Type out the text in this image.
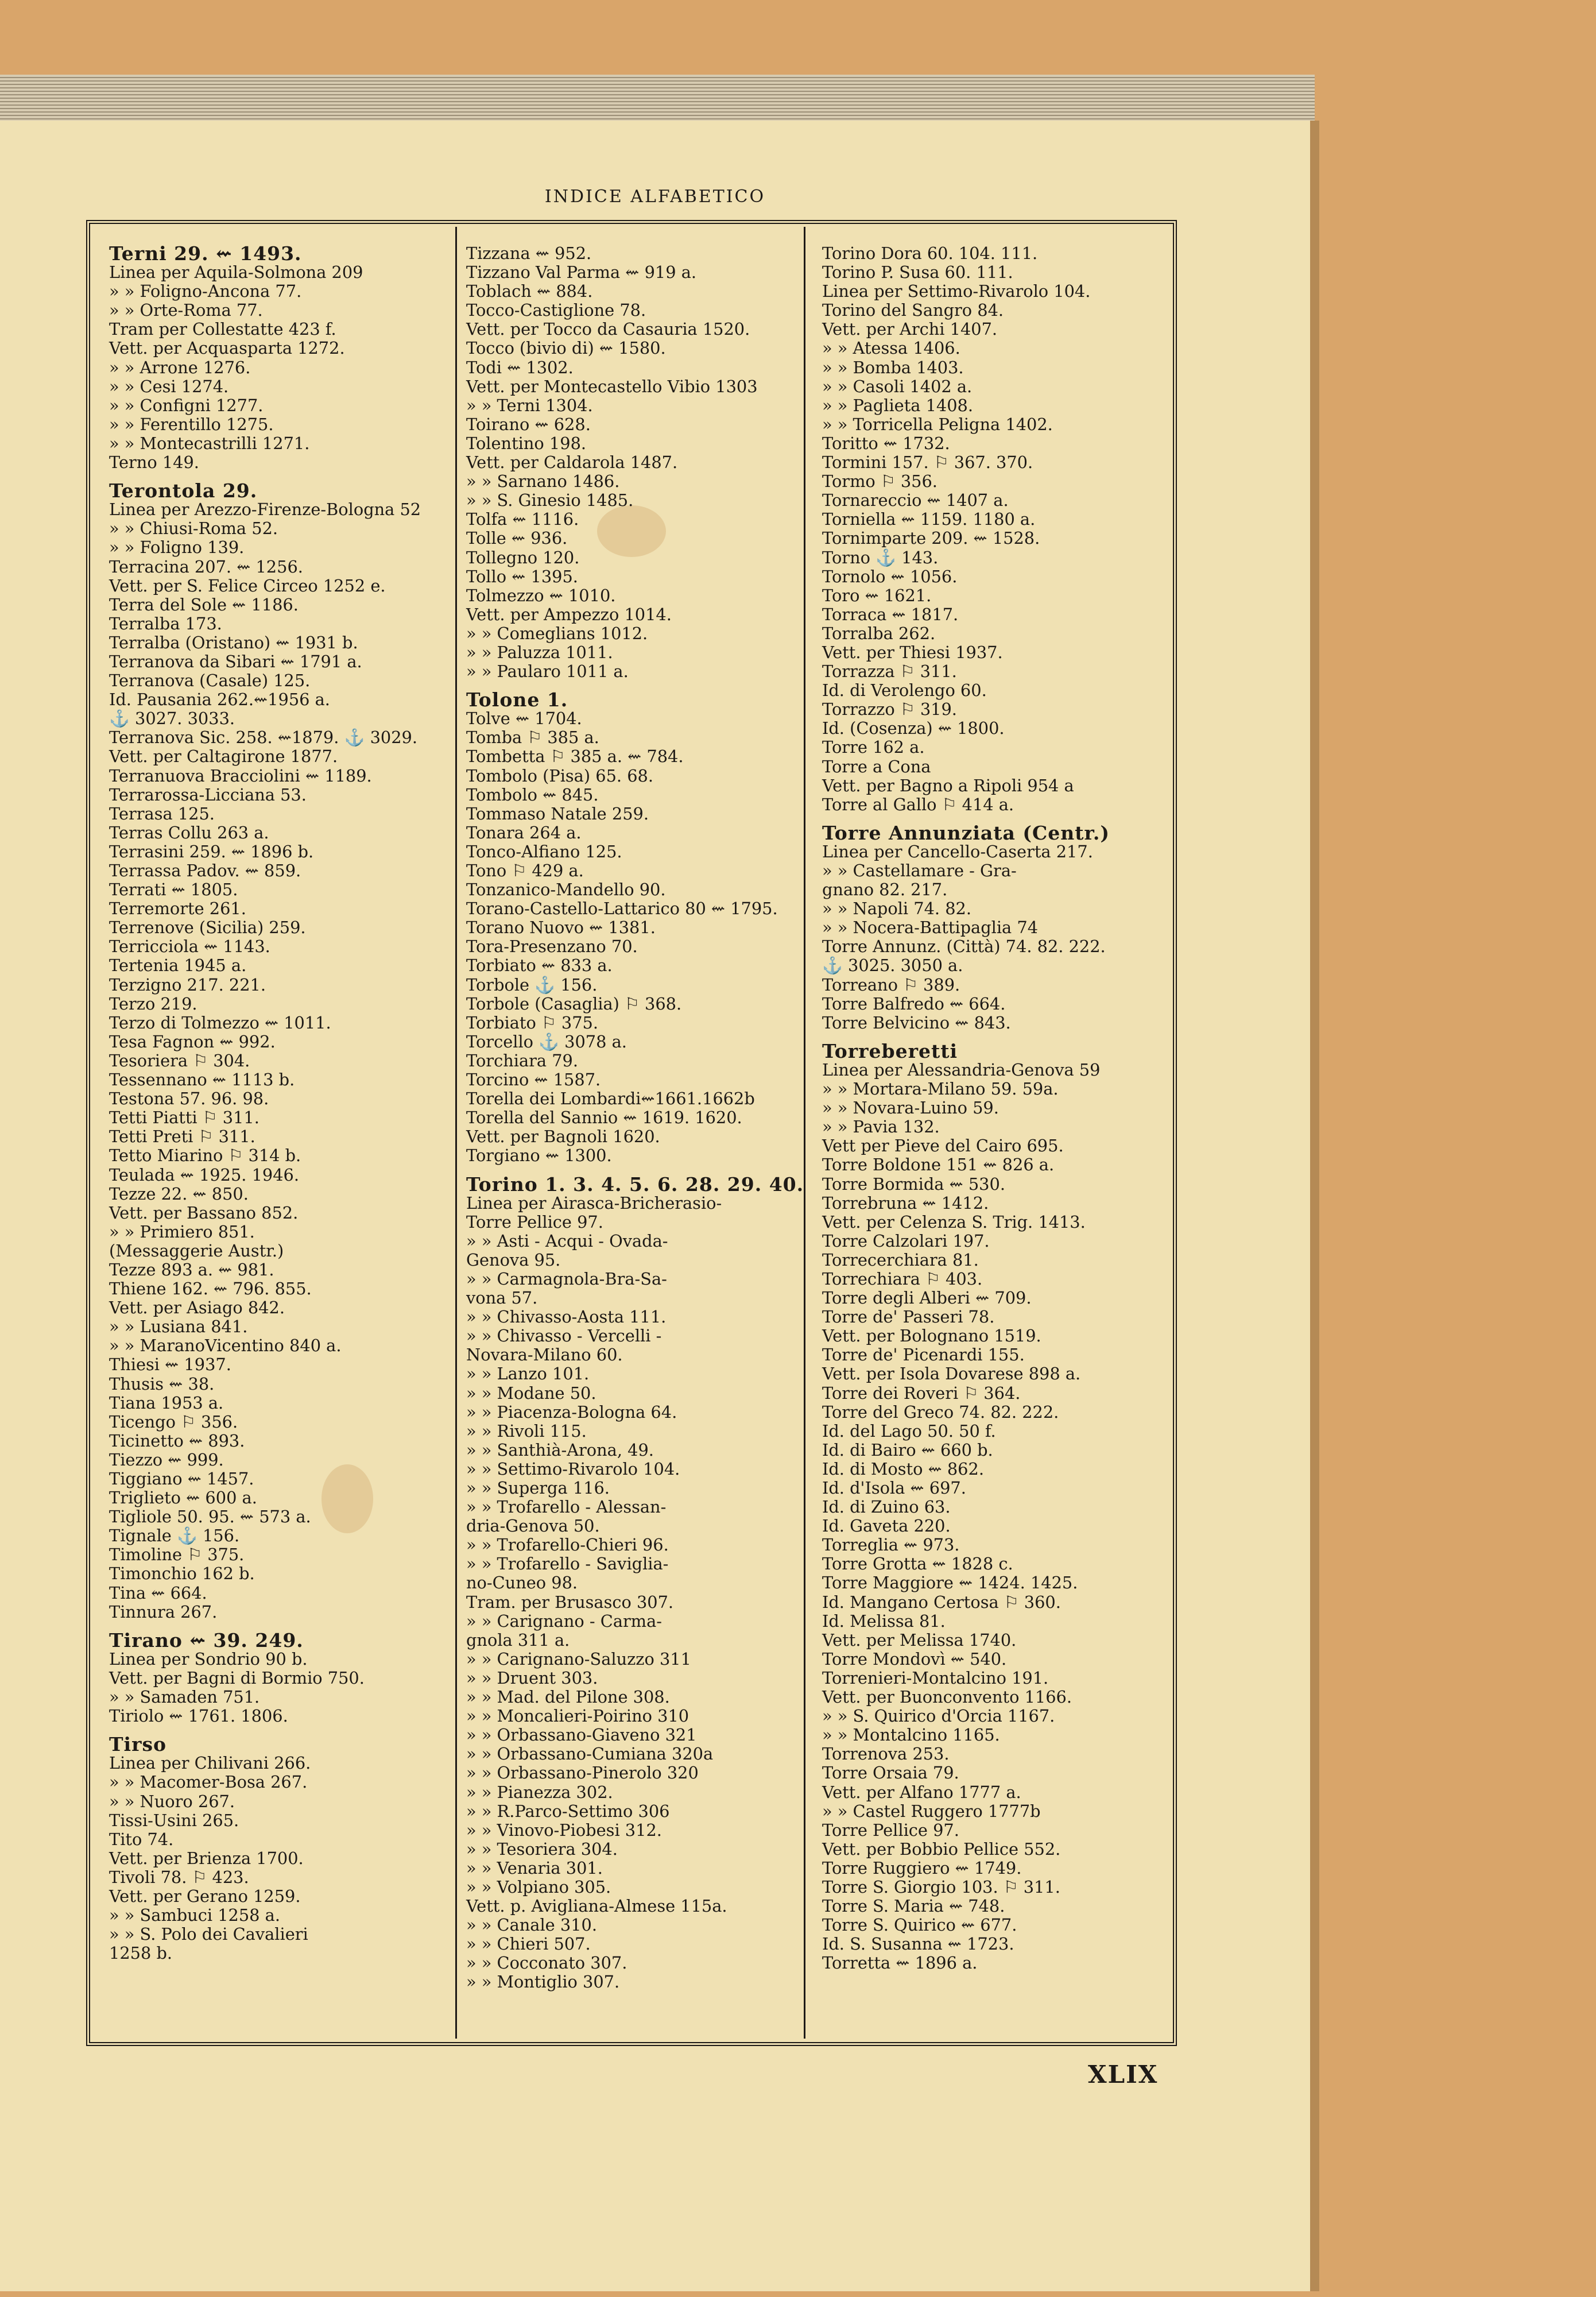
INDICE ALFABETICO
Terni 29. ⇜ 1493.
Linea per Aquila-Solmona 209
» » Foligno-Ancona 77.
» » Orte-Roma 77.
Tram per Collestatte 423 f.
Vett. per Acquasparta 1272.
» » Arrone 1276.
» » Cesi 1274.
» » Configni 1277.
» » Ferentillo 1275.
» » Montecastrilli 1271.
Terno 149.
Terontola 29.
Linea per Arezzo-Firenze-Bologna 52
» » Chiusi-Roma 52.
» » Foligno 139.
Terracina 207. ⇜ 1256.
Vett. per S. Felice Circeo 1252 e.
Terra del Sole ⇜ 1186.
Terralba 173.
Terralba (Oristano) ⇜ 1931 b.
Terranova da Sibari ⇜ 1791 a.
Terranova (Casale) 125.
Id. Pausania 262.⇜1956 a.
⚓ 3027. 3033.
Terranova Sic. 258. ⇜1879. ⚓ 3029.
Vett. per Caltagirone 1877.
Terranuova Bracciolini ⇜ 1189.
Terrarossa-Licciana 53.
Terrasa 125.
Terras Collu 263 a.
Terrasini 259. ⇜ 1896 b.
Terrassa Padov. ⇜ 859.
Terrati ⇜ 1805.
Terremorte 261.
Terrenove (Sicilia) 259.
Terricciola ⇜ 1143.
Tertenia 1945 a.
Terzigno 217. 221.
Terzo 219.
Terzo di Tolmezzo ⇜ 1011.
Tesa Fagnon ⇜ 992.
Tesoriera ⚐ 304.
Tessennano ⇜ 1113 b.
Testona 57. 96. 98.
Tetti Piatti ⚐ 311.
Tetti Preti ⚐ 311.
Tetto Miarino ⚐ 314 b.
Teulada ⇜ 1925. 1946.
Tezze 22. ⇜ 850.
Vett. per Bassano 852.
» » Primiero 851.
(Messaggerie Austr.)
Tezze 893 a. ⇜ 981.
Thiene 162. ⇜ 796. 855.
Vett. per Asiago 842.
» » Lusiana 841.
» » MaranoVicentino 840 a.
Thiesi ⇜ 1937.
Thusis ⇜ 38.
Tiana 1953 a.
Ticengo ⚐ 356.
Ticinetto ⇜ 893.
Tiezzo ⇜ 999.
Tiggiano ⇜ 1457.
Triglieto ⇜ 600 a.
Tigliole 50. 95. ⇜ 573 a.
Tignale ⚓ 156.
Timoline ⚐ 375.
Timonchio 162 b.
Tina ⇜ 664.
Tinnura 267.
Tirano ⇜ 39. 249.
Linea per Sondrio 90 b.
Vett. per Bagni di Bormio 750.
» » Samaden 751.
Tiriolo ⇜ 1761. 1806.
Tirso
Linea per Chilivani 266.
» » Macomer-Bosa 267.
» » Nuoro 267.
Tissi-Usini 265.
Tito 74.
Vett. per Brienza 1700.
Tivoli 78. ⚐ 423.
Vett. per Gerano 1259.
» » Sambuci 1258 a.
» » S. Polo dei Cavalieri
1258 b.
Tizzana ⇜ 952.
Tizzano Val Parma ⇜ 919 a.
Toblach ⇜ 884.
Tocco-Castiglione 78.
Vett. per Tocco da Casauria 1520.
Tocco (bivio di) ⇜ 1580.
Todi ⇜ 1302.
Vett. per Montecastello Vibio 1303
» » Terni 1304.
Toirano ⇜ 628.
Tolentino 198.
Vett. per Caldarola 1487.
» » Sarnano 1486.
» » S. Ginesio 1485.
Tolfa ⇜ 1116.
Tolle ⇜ 936.
Tollegno 120.
Tollo ⇜ 1395.
Tolmezzo ⇜ 1010.
Vett. per Ampezzo 1014.
» » Comeglians 1012.
» » Paluzza 1011.
» » Paularo 1011 a.
Tolone 1.
Tolve ⇜ 1704.
Tomba ⚐ 385 a.
Tombetta ⚐ 385 a. ⇜ 784.
Tombolo (Pisa) 65. 68.
Tombolo ⇜ 845.
Tommaso Natale 259.
Tonara 264 a.
Tonco-Alfiano 125.
Tono ⚐ 429 a.
Tonzanico-Mandello 90.
Torano-Castello-Lattarico 80 ⇜ 1795.
Torano Nuovo ⇜ 1381.
Tora-Presenzano 70.
Torbiato ⇜ 833 a.
Torbole ⚓ 156.
Torbole (Casaglia) ⚐ 368.
Torbiato ⚐ 375.
Torcello ⚓ 3078 a.
Torchiara 79.
Torcino ⇜ 1587.
Torella dei Lombardi⇜1661.1662b
Torella del Sannio ⇜ 1619. 1620.
Vett. per Bagnoli 1620.
Torgiano ⇜ 1300.
Torino 1. 3. 4. 5. 6. 28. 29. 40.
Linea per Airasca-Bricherasio-
Torre Pellice 97.
» » Asti - Acqui - Ovada-
Genova 95.
» » Carmagnola-Bra-Sa-
vona 57.
» » Chivasso-Aosta 111.
» » Chivasso - Vercelli -
Novara-Milano 60.
» » Lanzo 101.
» » Modane 50.
» » Piacenza-Bologna 64.
» » Rivoli 115.
» » Santhià-Arona, 49.
» » Settimo-Rivarolo 104.
» » Superga 116.
» » Trofarello - Alessan-
dria-Genova 50.
» » Trofarello-Chieri 96.
» » Trofarello - Savigliа-
no-Cuneo 98.
Tram. per Brusasco 307.
» » Carignano - Carma-
gnola 311 a.
» » Carignano-Saluzzo 311
» » Druent 303.
» » Mad. del Pilone 308.
» » Moncalieri-Poirino 310
» » Orbassano-Giaveno 321
» » Orbassano-Cumiana 320a
» » Orbassano-Pinerolo 320
» » Pianezza 302.
» » R.Parco-Settimo 306
» » Vinovo-Piobesi 312.
» » Tesoriera 304.
» » Venaria 301.
» » Volpiano 305.
Vett. p. Avigliana-Almese 115a.
» » Canale 310.
» » Chieri 507.
» » Cocconato 307.
» » Montiglio 307.
Torino Dora 60. 104. 111.
Torino P. Susa 60. 111.
Linea per Settimo-Rivarolo 104.
Torino del Sangro 84.
Vett. per Archi 1407.
» » Atessa 1406.
» » Bomba 1403.
» » Casoli 1402 a.
» » Paglieta 1408.
» » Torricella Peligna 1402.
Toritto ⇜ 1732.
Tormini 157. ⚐ 367. 370.
Tormo ⚐ 356.
Tornareccio ⇜ 1407 a.
Torniella ⇜ 1159. 1180 a.
Tornimparte 209. ⇜ 1528.
Torno ⚓ 143.
Tornolo ⇜ 1056.
Toro ⇜ 1621.
Torraca ⇜ 1817.
Torralba 262.
Vett. per Thiesi 1937.
Torrazza ⚐ 311.
Id. di Verolengo 60.
Torrazzo ⚐ 319.
Id. (Cosenza) ⇜ 1800.
Torre 162 a.
Torre a Cona
Vett. per Bagno a Ripoli 954 a
Torre al Gallo ⚐ 414 a.
Torre Annunziata (Centr.)
Linea per Cancello-Caserta 217.
» » Castellamare - Gra-
gnano 82. 217.
» » Napoli 74. 82.
» » Nocera-Battipaglia 74
Torre Annunz. (Città) 74. 82. 222.
⚓ 3025. 3050 a.
Torreano ⚐ 389.
Torre Balfredo ⇜ 664.
Torre Belvicino ⇜ 843.
Torreberetti
Linea per Alessandria-Genova 59
» » Mortara-Milano 59. 59a.
» » Novara-Luino 59.
» » Pavia 132.
Vett per Pieve del Cairo 695.
Torre Boldone 151 ⇜ 826 a.
Torre Bormida ⇜ 530.
Torrebruna ⇜ 1412.
Vett. per Celenza S. Trig. 1413.
Torre Calzolari 197.
Torrecerchiara 81.
Torrechiara ⚐ 403.
Torre degli Alberi ⇜ 709.
Torre de' Passeri 78.
Vett. per Bolognano 1519.
Torre de' Picenardi 155.
Vett. per Isola Dovarese 898 a.
Torre dei Roveri ⚐ 364.
Torre del Greco 74. 82. 222.
Id. del Lago 50. 50 f.
Id. di Bairo ⇜ 660 b.
Id. di Mosto ⇜ 862.
Id. d'Isola ⇜ 697.
Id. di Zuino 63.
Id. Gaveta 220.
Torreglia ⇜ 973.
Torre Grotta ⇜ 1828 c.
Torre Maggiore ⇜ 1424. 1425.
Id. Mangano Certosa ⚐ 360.
Id. Melissa 81.
Vett. per Melissa 1740.
Torre Mondovì ⇜ 540.
Torrenieri-Montalcino 191.
Vett. per Buonconvento 1166.
» » S. Quirico d'Orcia 1167.
» » Montalcino 1165.
Torrenova 253.
Torre Orsaia 79.
Vett. per Alfano 1777 a.
» » Castel Ruggero 1777b
Torre Pellice 97.
Vett. per Bobbio Pellice 552.
Torre Ruggiero ⇜ 1749.
Torre S. Giorgio 103. ⚐ 311.
Torre S. Maria ⇜ 748.
Torre S. Quirico ⇜ 677.
Id. S. Susanna ⇜ 1723.
Torretta ⇜ 1896 a.
XLIX
